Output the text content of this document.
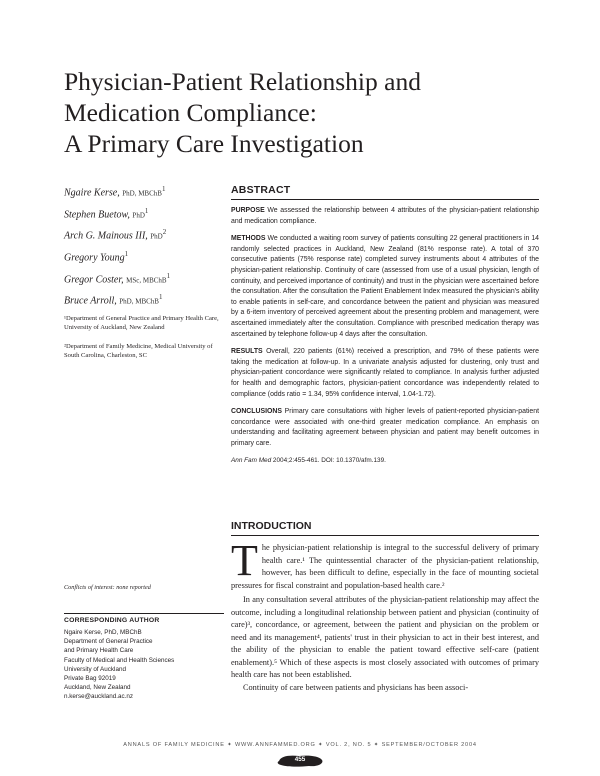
Physician-Patient Relationship and
Medication Compliance:
A Primary Care Investigation
Ngaire Kerse, PhD, MBChB$^1$
Stephen Buetow, PhD$^1$
Arch G. Mainous III, PhD$^2$
Gregory Young$^1$
Gregor Coster, MSc, MBChB$^1$
Bruce Arroll, PhD, MBChB$^1$
¹Department of General Practice and Primary Health Care, University of Auckland, New Zealand
²Department of Family Medicine, Medical University of South Carolina, Charleston, SC
ABSTRACT

PURPOSE We assessed the relationship between 4 attributes of the physician-patient relationship and medication compliance.

METHODS We conducted a waiting room survey of patients consulting 22 general practitioners in 14 randomly selected practices in Auckland, New Zealand (81% response rate). A total of 370 consecutive patients (75% response rate) completed survey instruments about 4 attributes of the physician-patient relationship. Continuity of care (assessed from use of a usual physician, length of continuity, and perceived importance of continuity) and trust in the physician were ascertained before the consultation. After the consultation the Patient Enablement Index measured the physician's ability to enable patients in self-care, and concordance between the patient and physician was measured by a 6-item inventory of perceived agreement about the presenting problem and management, were ascertained immediately after the consultation. Compliance with prescribed medication therapy was ascertained by telephone follow-up 4 days after the consultation.

RESULTS Overall, 220 patients (61%) received a prescription, and 79% of these patients were taking the medication at follow-up. In a univariate analysis adjusted for clustering, only trust and physician-patient concordance were significantly related to compliance. In analysis further adjusted for health and demographic factors, physician-patient concordance was independently related to compliance (odds ratio = 1.34, 95% confidence interval, 1.04-1.72).

CONCLUSIONS Primary care consultations with higher levels of patient-reported physician-patient concordance were associated with one-third greater medication compliance. An emphasis on understanding and facilitating agreement between physician and patient may benefit outcomes in primary care.

Ann Fam Med 2004;2:455-461. DOI: 10.1370/afm.139.

INTRODUCTION

The physician-patient relationship is integral to the successful delivery of primary health care.¹ The quintessential character of the physician-patient relationship, however, has been difficult to define, especially in the face of mounting societal pressures for fiscal constraint and population-based health care.²

In any consultation several attributes of the physician-patient relationship may affect the outcome, including a longitudinal relationship between patient and physician (continuity of care)³, concordance, or agreement, between the patient and physician on the problem or need and its management⁴, patients' trust in their physician to act in their best interest, and the ability of the physician to enable the patient toward effective self-care (patient enablement).⁵ Which of these aspects is most closely associated with outcomes of primary health care has not been established.

Continuity of care between patients and physicians has been associ-

Conflicts of interest: none reported
CORRESPONDING AUTHOR
Ngaire Kerse, PhD, MBChB
Department of General Practice
and Primary Health Care
Faculty of Medical and Health Sciences
University of Auckland
Private Bag 92019
Auckland, New Zealand
n.kerse@auckland.ac.nz
ANNALS OF FAMILY MEDICINE ✦ WWW.ANNFAMMED.ORG ✦ VOL. 2, NO. 5 ✦ SEPTEMBER/OCTOBER 2004
455
